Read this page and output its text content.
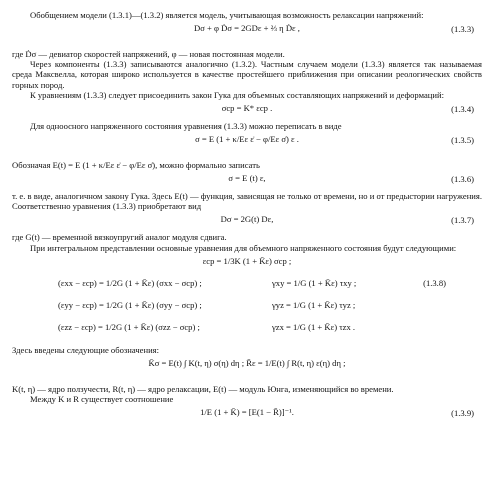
Обобщением модели (1.3.1)—(1.3.2) является модель, учитывающая возможность релаксации напряжений:

Dσ + φ Ḋσ = 2GDε + ⅔ η Ḋε ,	(1.3.3)

где Ḋσ — девиатор скоростей напряжений, φ — новая постоянная модели.

Через компоненты (1.3.3) записываются аналогично (1.3.2). Частным случаем модели (1.3.3) является так называемая среда Максвелла, которая широко используется в качестве простейшего приближения при описании реологических свойств горных пород.

К уравнениям (1.3.3) следует присоединить закон Гука для объемных составляющих напряжений и деформаций:

σcp = K* εcp .	(1.3.4)

Для одноосного напряженного состояния уравнения (1.3.3) можно переписать в виде

σ = E (1 + κ/Eε ε̇ − φ/Eε σ̇) ε .	(1.3.5)

Обозначая E(t) = E (1 + κ/Eε ε̇ − φ/Eε σ̇), можно формально записать

σ = E (t) ε,	(1.3.6)

т. е. в виде, аналогичном закону Гука. Здесь E(t) — функция, зависящая не только от времени, но и от предыстории нагружения. Соответственно уравнения (1.3.3) приобретают вид

Dσ = 2G(t) Dε,	(1.3.7)

где G(t) — временной вязкоупругий аналог модуля сдвига.

При интегральном представлении основные уравнения для объемного напряженного состояния будут следующими:

εcp = 1/3K (1 + K̄ε) σcp ;
(εxx − εcp) = 1/2G (1 + K̄ε) (σxx − σcp) ;	γxy = 1/G (1 + K̄ε) τxy ;	(1.3.8)
(εyy − εcp) = 1/2G (1 + K̄ε) (σyy − σcp) ;	γyz = 1/G (1 + K̄ε) τyz ;
(εzz − εcp) = 1/2G (1 + K̄ε) (σzz − σcp) ;	γzx = 1/G (1 + K̄ε) τzx .

Здесь введены следующие обозначения:

K̄σ = E(t) ∫ K(t, η) σ(η) dη ; R̄ε = 1/E(t) ∫ R(t, η) ε(η) dη ;

K(t, η) — ядро ползучести, R(t, η) — ядро релаксации, E(t) — модуль Юнга, изменяющийся во времени.

Между K и R существует соотношение

1/E (1 + K̄) = [E(1 − R̄)]⁻¹.	(1.3.9)
